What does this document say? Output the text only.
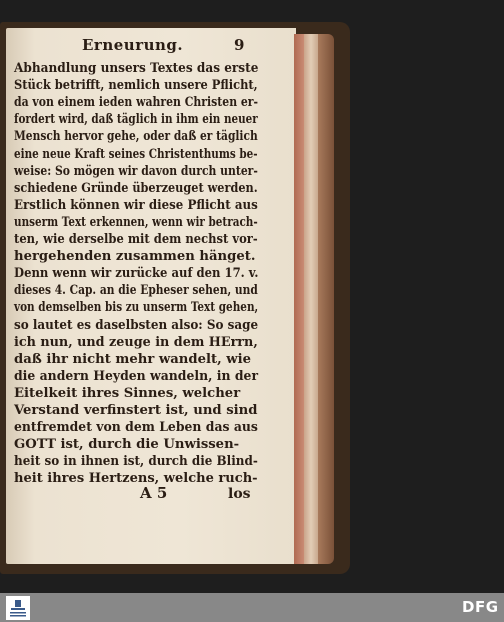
Erneurung.	9
Abhandlung unsers Textes das erste
Stück betrifft, nemlich unsere Pflicht,
da von einem ieden wahren Christen er-
fordert wird, daß täglich in ihm ein neuer
Mensch hervor gehe, oder daß er täglich
eine neue Kraft seines Christenthums be-
weise: So mögen wir davon durch unter-
schiedene Gründe überzeuget werden.
Erstlich können wir diese Pflicht aus
unserm Text erkennen, wenn wir betrach-
ten, wie derselbe mit dem nechst vor-
hergehenden zusammen hänget.
Denn wenn wir zurücke auf den 17. v.
dieses 4. Cap. an die Epheser sehen, und
von demselben bis zu unserm Text gehen,
so lautet es daselbsten also: So sage
ich nun, und zeuge in dem HErrn,
daß ihr nicht mehr wandelt, wie
die andern Heyden wandeln, in der
Eitelkeit ihres Sinnes, welcher
Verstand verfinstert ist, und sind
entfremdet von dem Leben das aus
GOTT ist, durch die Unwissen-
heit so in ihnen ist, durch die Blind-
heit ihres Hertzens, welche ruch-
A 5	los
DFG
